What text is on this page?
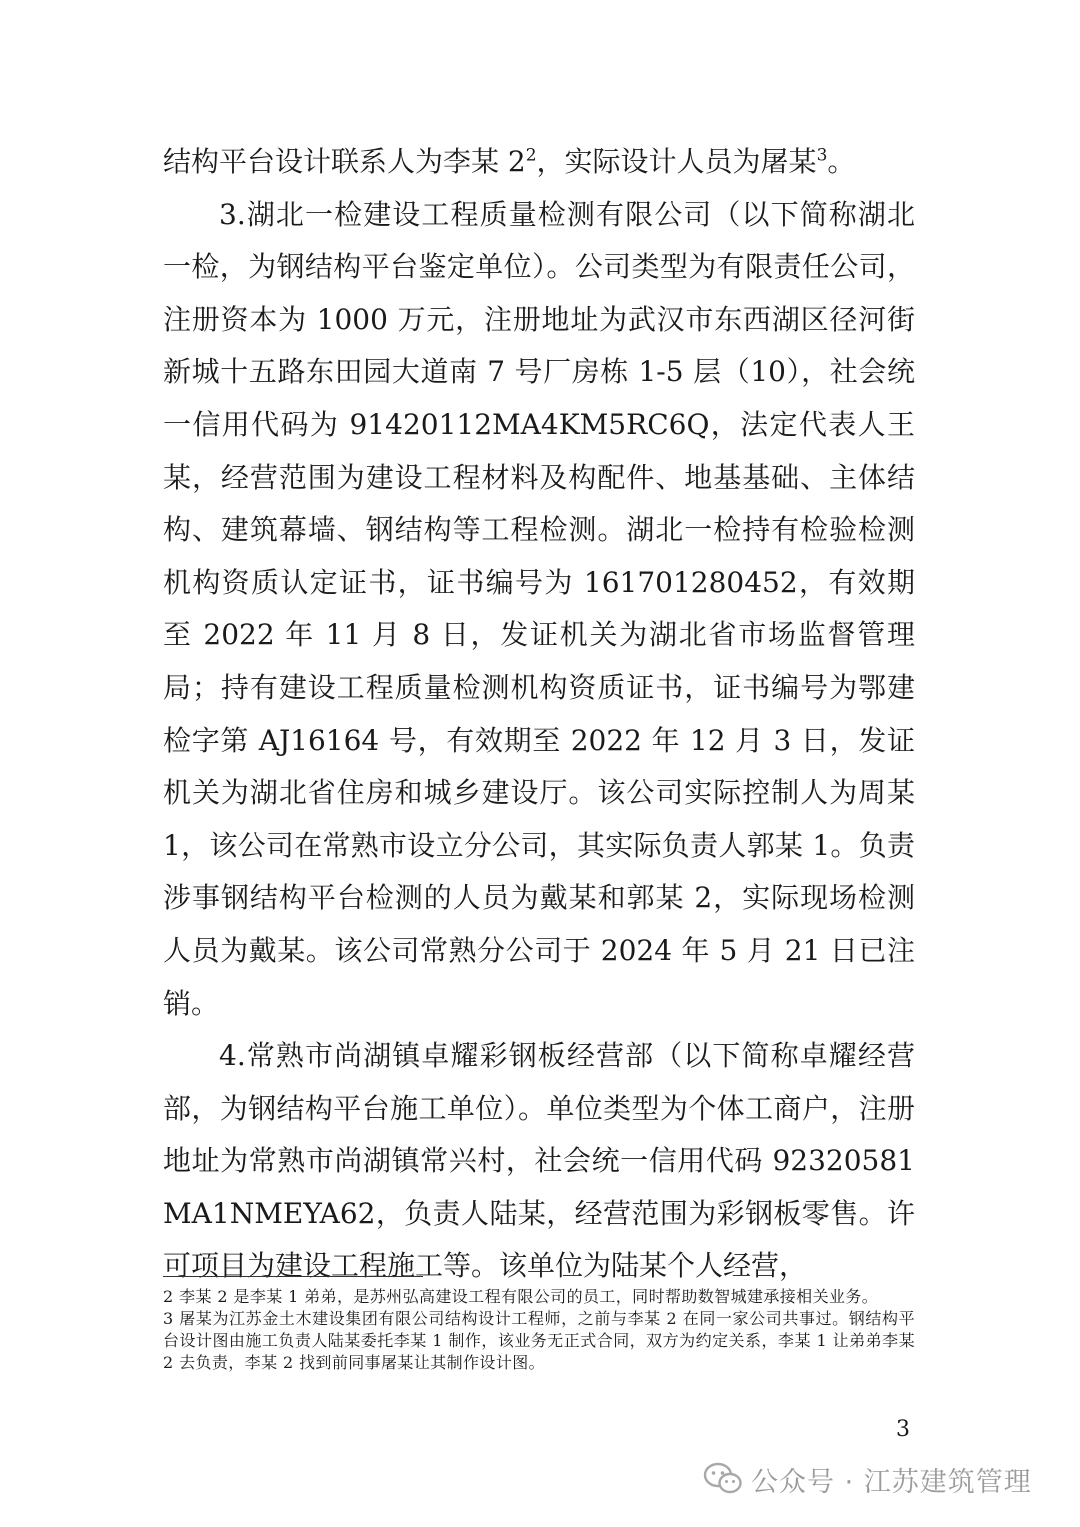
结构平台设计联系人为李某 $2^2$，实际设计人员为屠某$^3$。

3.湖北一检建设工程质量检测有限公司（以下简称湖北一检，为钢结构平台鉴定单位）。公司类型为有限责任公司，注册资本为 1000 万元，注册地址为武汉市东西湖区径河街新城十五路东田园大道南 7 号厂房栋 1-5 层（10），社会统一信用代码为 91420112MA4KM5RC6Q，法定代表人王某，经营范围为建设工程材料及构配件、地基基础、主体结构、建筑幕墙、钢结构等工程检测。湖北一检持有检验检测机构资质认定证书，证书编号为 161701280452，有效期至 2022 年 11 月 8 日，发证机关为湖北省市场监督管理局；持有建设工程质量检测机构资质证书，证书编号为鄂建检字第 AJ16164 号，有效期至 2022 年 12 月 3 日，发证机关为湖北省住房和城乡建设厅。该公司实际控制人为周某 1，该公司在常熟市设立分公司，其实际负责人郭某 1。负责涉事钢结构平台检测的人员为戴某和郭某 2，实际现场检测人员为戴某。该公司常熟分公司于 2024 年 5 月 21 日已注销。

4.常熟市尚湖镇卓耀彩钢板经营部（以下简称卓耀经营部，为钢结构平台施工单位）。单位类型为个体工商户，注册地址为常熟市尚湖镇常兴村，社会统一信用代码 92320581MA1NMEYA62，负责人陆某，经营范围为彩钢板零售。许可项目为建设工程施工等。该单位为陆某个人经营，

2 李某 2 是李某 1 弟弟，是苏州弘高建设工程有限公司的员工，同时帮助数智城建承接相关业务。

3 屠某为江苏金土木建设集团有限公司结构设计工程师，之前与李某 2 在同一家公司共事过。钢结构平台设计图由施工负责人陆某委托李某 1 制作，该业务无正式合同，双方为约定关系，李某 1 让弟弟李某 2 去负责，李某 2 找到前同事屠某让其制作设计图。

3
公众号 · 江苏建筑管理
